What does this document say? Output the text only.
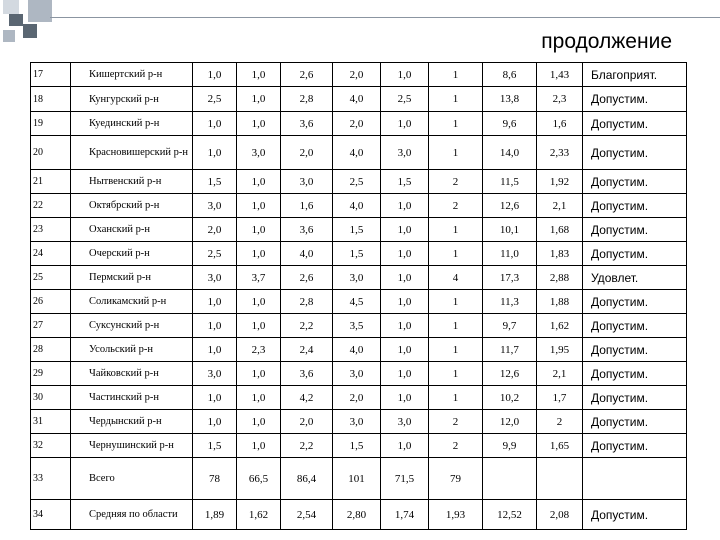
продолжение
17	Кишертский р-н	1,0	1,0	2,6	2,0	1,0	1	8,6	1,43	Благоприят.
18	Кунгурский р-н	2,5	1,0	2,8	4,0	2,5	1	13,8	2,3	Допустим.
19	Куединский р-н	1,0	1,0	3,6	2,0	1,0	1	9,6	1,6	Допустим.
20	Красновишерский р-н	1,0	3,0	2,0	4,0	3,0	1	14,0	2,33	Допустим.
21	Нытвенский р-н	1,5	1,0	3,0	2,5	1,5	2	11,5	1,92	Допустим.
22	Октябрский р-н	3,0	1,0	1,6	4,0	1,0	2	12,6	2,1	Допустим.
23	Оханский р-н	2,0	1,0	3,6	1,5	1,0	1	10,1	1,68	Допустим.
24	Очерский р-н	2,5	1,0	4,0	1,5	1,0	1	11,0	1,83	Допустим.
25	Пермский р-н	3,0	3,7	2,6	3,0	1,0	4	17,3	2,88	Удовлет.
26	Соликамский р-н	1,0	1,0	2,8	4,5	1,0	1	11,3	1,88	Допустим.
27	Суксунский р-н	1,0	1,0	2,2	3,5	1,0	1	9,7	1,62	Допустим.
28	Усольский р-н	1,0	2,3	2,4	4,0	1,0	1	11,7	1,95	Допустим.
29	Чайковский р-н	3,0	1,0	3,6	3,0	1,0	1	12,6	2,1	Допустим.
30	Частинский р-н	1,0	1,0	4,2	2,0	1,0	1	10,2	1,7	Допустим.
31	Чердынский р-н	1,0	1,0	2,0	3,0	3,0	2	12,0	2	Допустим.
32	Чернушинский р-н	1,5	1,0	2,2	1,5	1,0	2	9,9	1,65	Допустим.
33	Всего	78	66,5	86,4	101	71,5	79			
34	Средняя по области	1,89	1,62	2,54	2,80	1,74	1,93	12,52	2,08	Допустим.
